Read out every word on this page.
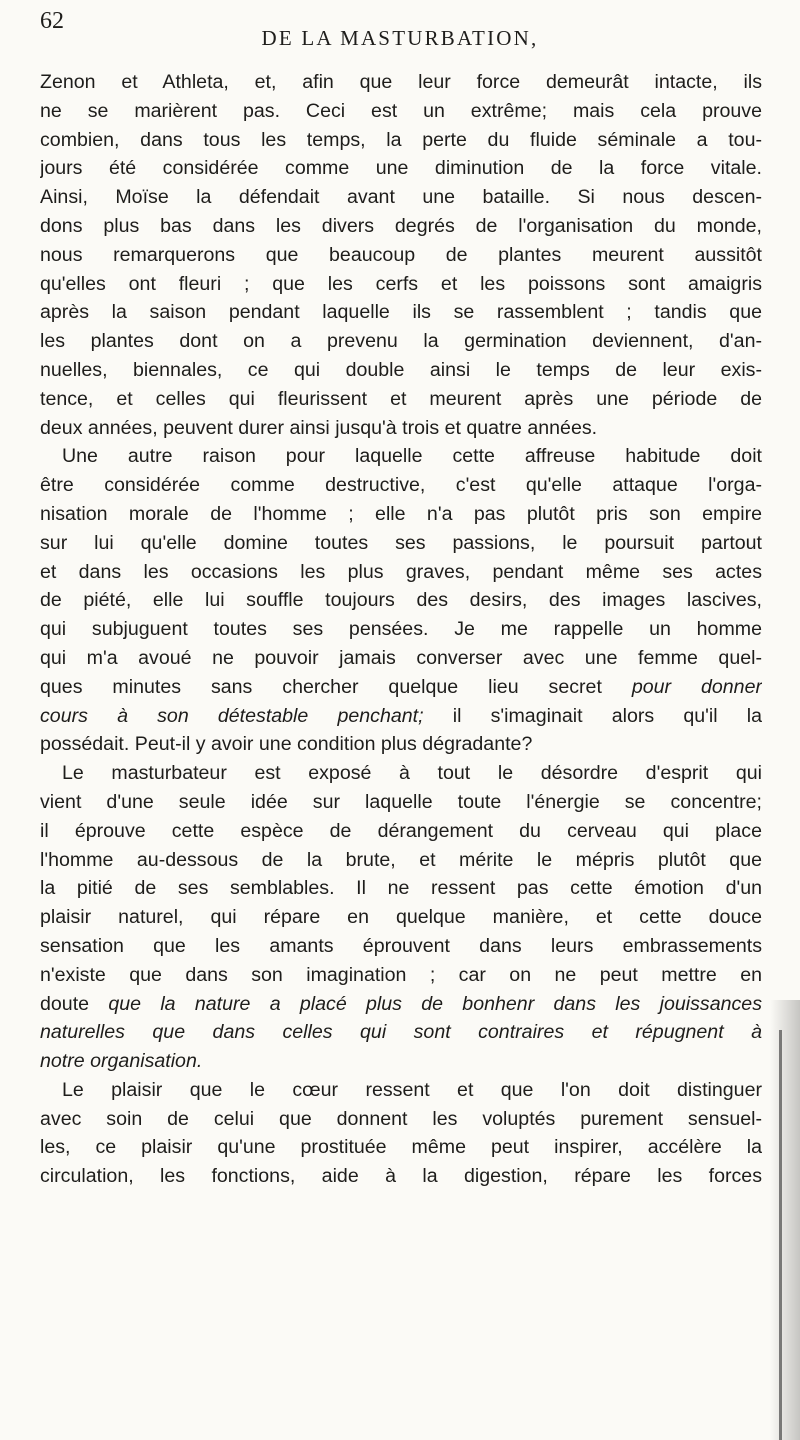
62
DE LA MASTURBATION,
Zenon et Athleta, et, afin que leur force demeurât intacte, ils
ne se marièrent pas. Ceci est un extrême; mais cela prouve
combien, dans tous les temps, la perte du fluide séminale a tou-
jours été considérée comme une diminution de la force vitale.
Ainsi, Moïse la défendait avant une bataille. Si nous descen-
dons plus bas dans les divers degrés de l'organisation du monde,
nous remarquerons que beaucoup de plantes meurent aussitôt
qu'elles ont fleuri ; que les cerfs et les poissons sont amaigris
après la saison pendant laquelle ils se rassemblent ; tandis que
les plantes dont on a prevenu la germination deviennent, d'an-
nuelles, biennales, ce qui double ainsi le temps de leur exis-
tence, et celles qui fleurissent et meurent après une période de
deux années, peuvent durer ainsi jusqu'à trois et quatre années.
Une autre raison pour laquelle cette affreuse habitude doit
être considérée comme destructive, c'est qu'elle attaque l'orga-
nisation morale de l'homme ; elle n'a pas plutôt pris son empire
sur lui qu'elle domine toutes ses passions, le poursuit partout
et dans les occasions les plus graves, pendant même ses actes
de piété, elle lui souffle toujours des desirs, des images lascives,
qui subjuguent toutes ses pensées. Je me rappelle un homme
qui m'a avoué ne pouvoir jamais converser avec une femme quel-
ques minutes sans chercher quelque lieu secret pour donner
cours à son détestable penchant; il s'imaginait alors qu'il la
possédait. Peut-il y avoir une condition plus dégradante?
Le masturbateur est exposé à tout le désordre d'esprit qui
vient d'une seule idée sur laquelle toute l'énergie se concentre;
il éprouve cette espèce de dérangement du cerveau qui place
l'homme au-dessous de la brute, et mérite le mépris plutôt que
la pitié de ses semblables. Il ne ressent pas cette émotion d'un
plaisir naturel, qui répare en quelque manière, et cette douce
sensation que les amants éprouvent dans leurs embrassements
n'existe que dans son imagination ; car on ne peut mettre en
doute que la nature a placé plus de bonhenr dans les jouissances
naturelles que dans celles qui sont contraires et répugnent à
notre organisation.
Le plaisir que le cœur ressent et que l'on doit distinguer
avec soin de celui que donnent les voluptés purement sensuel-
les, ce plaisir qu'une prostituée même peut inspirer, accélère la
circulation, les fonctions, aide à la digestion, répare les forces
